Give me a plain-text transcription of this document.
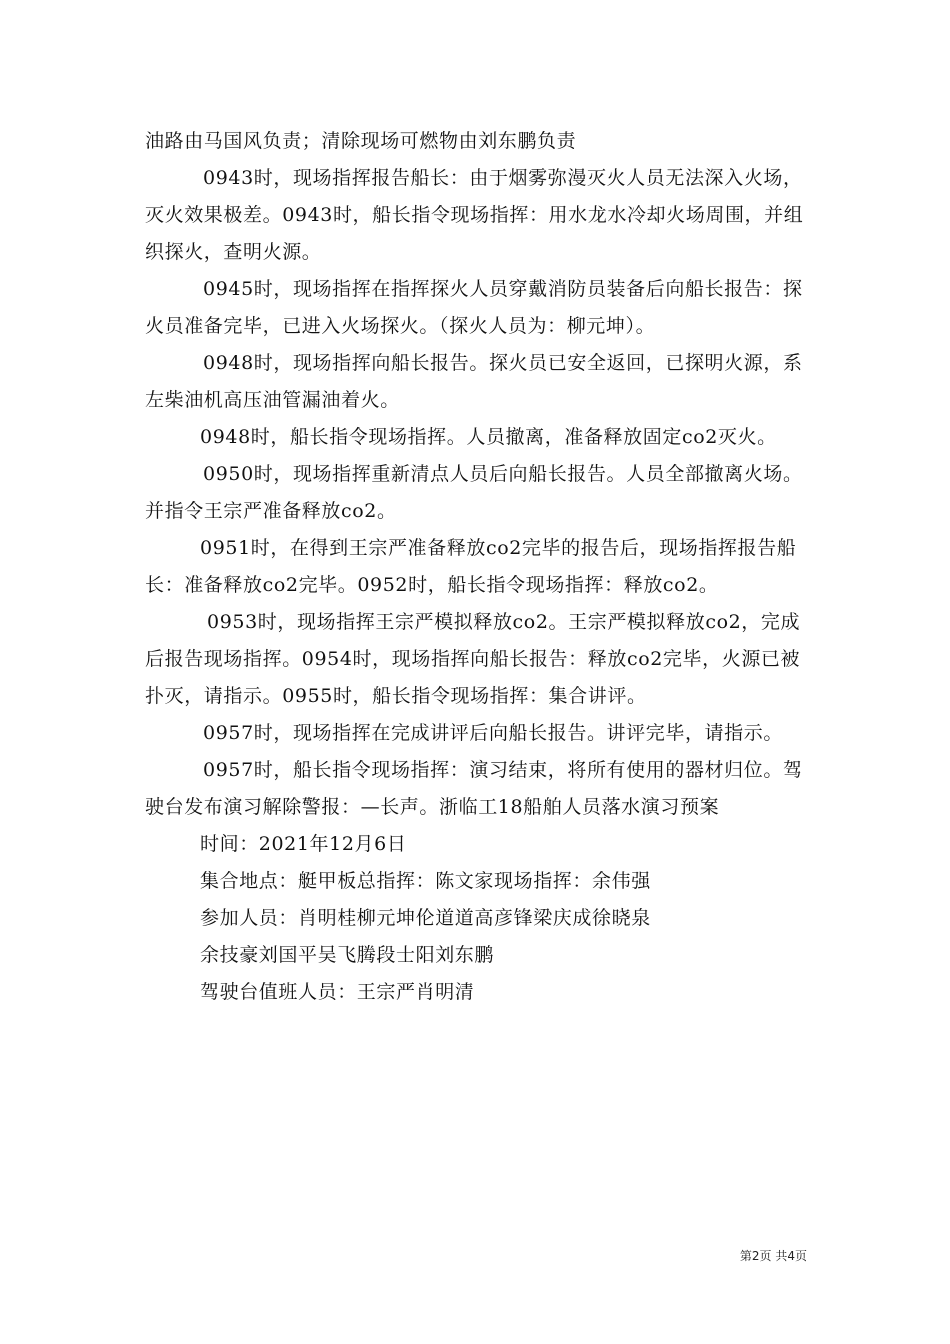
油路由马国风负责；清除现场可燃物由刘东鹏负责

0943时，现场指挥报告船长：由于烟雾弥漫灭火人员无法深入火场，灭火效果极差。0943时，船长指令现场指挥：用水龙水冷却火场周围，并组织探火，查明火源。

0945时，现场指挥在指挥探火人员穿戴消防员装备后向船长报告：探火员准备完毕，已进入火场探火。（探火人员为：柳元坤）。

0948时，现场指挥向船长报告。探火员已安全返回，已探明火源，系左柴油机高压油管漏油着火。

0948时，船长指令现场指挥。人员撤离，准备释放固定co2灭火。

0950时，现场指挥重新清点人员后向船长报告。人员全部撤离火场。并指令王宗严准备释放co2。

0951时，在得到王宗严准备释放co2完毕的报告后，现场指挥报告船长：准备释放co2完毕。0952时，船长指令现场指挥：释放co2。

0953时，现场指挥王宗严模拟释放co2。王宗严模拟释放co2，完成后报告现场指挥。0954时，现场指挥向船长报告：释放co2完毕，火源已被扑灭，请指示。0955时，船长指令现场指挥：集合讲评。

0957时，现场指挥在完成讲评后向船长报告。讲评完毕，请指示。

0957时，船长指令现场指挥：演习结束，将所有使用的器材归位。驾驶台发布演习解除警报：—长声。浙临工18船舶人员落水演习预案

时间：2021年12月6日

集合地点：艇甲板总指挥：陈文家现场指挥：余伟强

参加人员：肖明桂柳元坤伦道道高彦锋梁庆成徐晓泉

余技豪刘国平吴飞腾段士阳刘东鹏

驾驶台值班人员：王宗严肖明清

第2页 共4页
